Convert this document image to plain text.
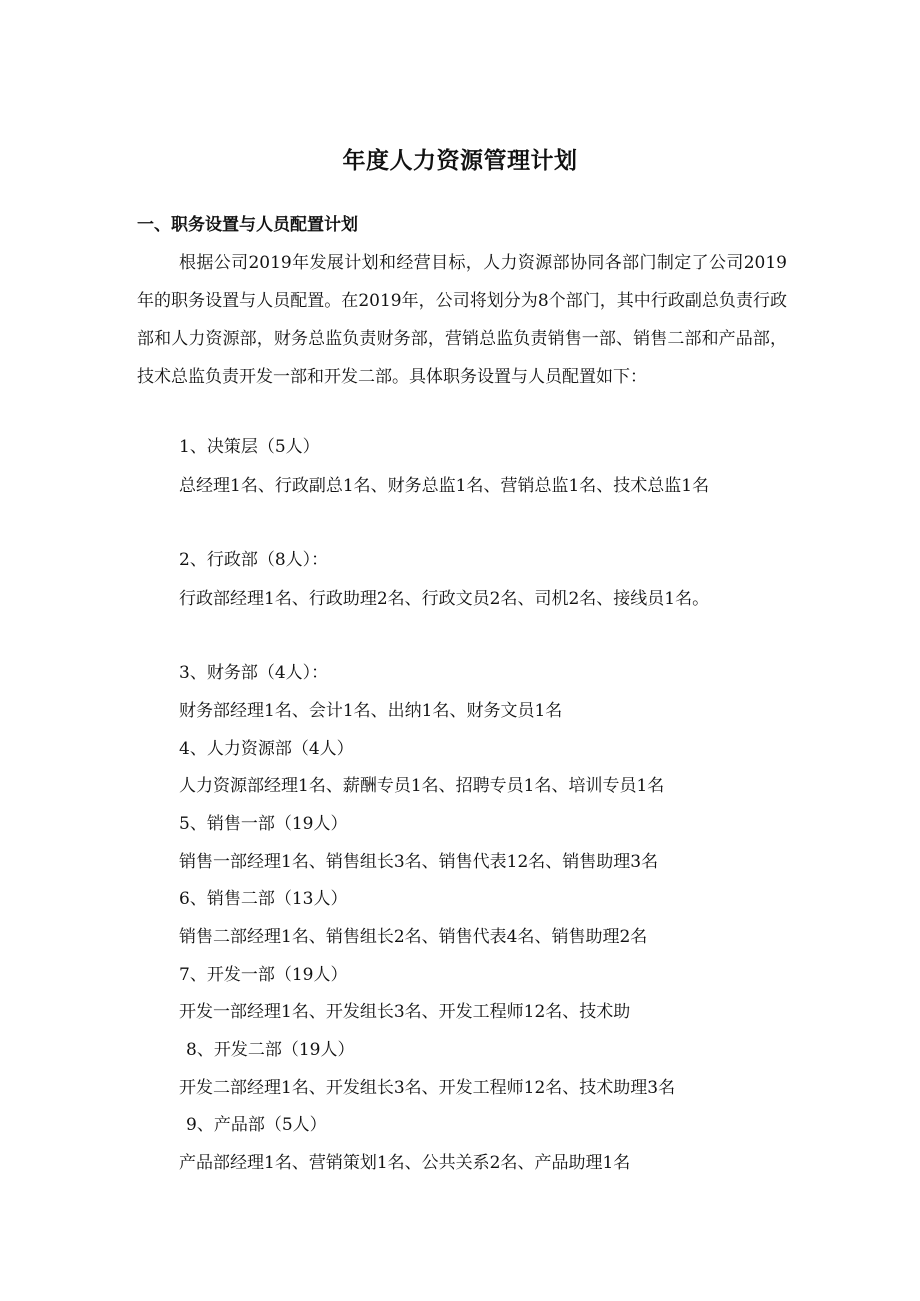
年度人力资源管理计划
一、职务设置与人员配置计划

根据公司2019年发展计划和经营目标，人力资源部协同各部门制定了公司2019年的职务设置与人员配置。在2019年，公司将划分为8个部门，其中行政副总负责行政部和人力资源部，财务总监负责财务部，营销总监负责销售一部、销售二部和产品部，技术总监负责开发一部和开发二部。具体职务设置与人员配置如下：

1、决策层（5人）

总经理1名、行政副总1名、财务总监1名、营销总监1名、技术总监1名

2、行政部（8人）：

行政部经理1名、行政助理2名、行政文员2名、司机2名、接线员1名。

3、财务部（4人）：

财务部经理1名、会计1名、出纳1名、财务文员1名

4、人力资源部（4人）

人力资源部经理1名、薪酬专员1名、招聘专员1名、培训专员1名

5、销售一部（19人）

销售一部经理1名、销售组长3名、销售代表12名、销售助理3名

6、销售二部（13人）

销售二部经理1名、销售组长2名、销售代表4名、销售助理2名

7、开发一部（19人）

开发一部经理1名、开发组长3名、开发工程师12名、技术助

8、开发二部（19人）

开发二部经理1名、开发组长3名、开发工程师12名、技术助理3名

9、产品部（5人）

产品部经理1名、营销策划1名、公共关系2名、产品助理1名
